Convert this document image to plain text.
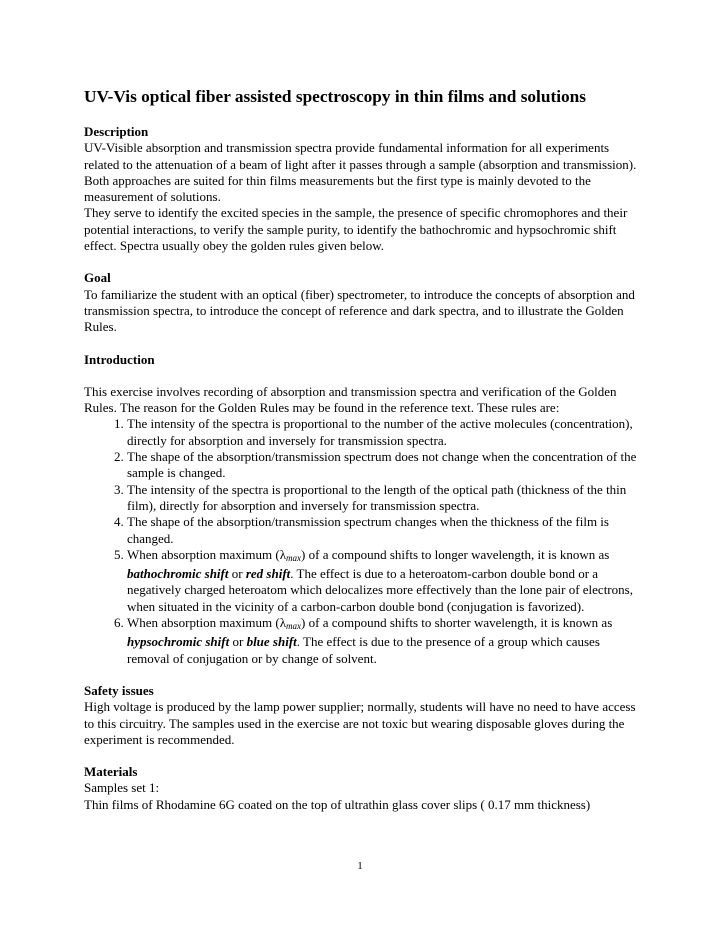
UV-Vis optical fiber assisted spectroscopy in thin films and solutions

Description

UV-Visible absorption and transmission spectra provide fundamental information for all experiments related to the attenuation of a beam of light after it passes through a sample (absorption and transmission). Both approaches are suited for thin films measurements but the first type is mainly devoted to the measurement of solutions.

They serve to identify the excited species in the sample, the presence of specific chromophores and their potential interactions, to verify the sample purity, to identify the bathochromic and hypsochromic shift effect. Spectra usually obey the golden rules given below.

Goal

To familiarize the student with an optical (fiber) spectrometer, to introduce the concepts of absorption and transmission spectra, to introduce the concept of reference and dark spectra, and to illustrate the Golden Rules.

Introduction

This exercise involves recording of absorption and transmission spectra and verification of the Golden Rules. The reason for the Golden Rules may be found in the reference text. These rules are:

1. The intensity of the spectra is proportional to the number of the active molecules (concentration), directly for absorption and inversely for transmission spectra.
2. The shape of the absorption/transmission spectrum does not change when the concentration of the sample is changed.
3. The intensity of the spectra is proportional to the length of the optical path (thickness of the thin film), directly for absorption and inversely for transmission spectra.
4. The shape of the absorption/transmission spectrum changes when the thickness of the film is changed.
5. When absorption maximum $(\lambda_{max})$ of a compound shifts to longer wavelength, it is known as bathochromic shift or red shift. The effect is due to a heteroatom-carbon double bond or a negatively charged heteroatom which delocalizes more effectively than the lone pair of electrons, when situated in the vicinity of a carbon-carbon double bond (conjugation is favorized).
6. When absorption maximum $(\lambda_{max})$ of a compound shifts to shorter wavelength, it is known as hypsochromic shift or blue shift. The effect is due to the presence of a group which causes removal of conjugation or by change of solvent.

Safety issues

High voltage is produced by the lamp power supplier; normally, students will have no need to have access to this circuitry. The samples used in the exercise are not toxic but wearing disposable gloves during the experiment is recommended.

Materials

Samples set 1:

Thin films of Rhodamine 6G coated on the top of ultrathin glass cover slips ( 0.17 mm thickness)

1
